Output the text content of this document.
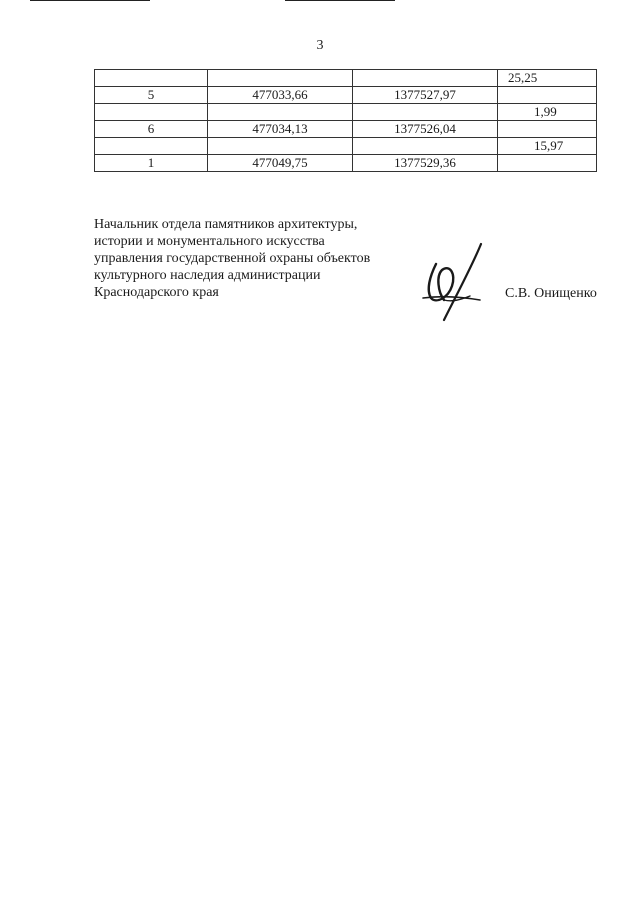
3
			25,25
5	477033,66	1377527,97	
			1,99
6	477034,13	1377526,04	
			15,97
1	477049,75	1377529,36	
Начальник отдела памятников архитектуры,
истории и монументального искусства
управления государственной охраны объектов
культурного наследия администрации
Краснодарского края	С.В. Онищенко
